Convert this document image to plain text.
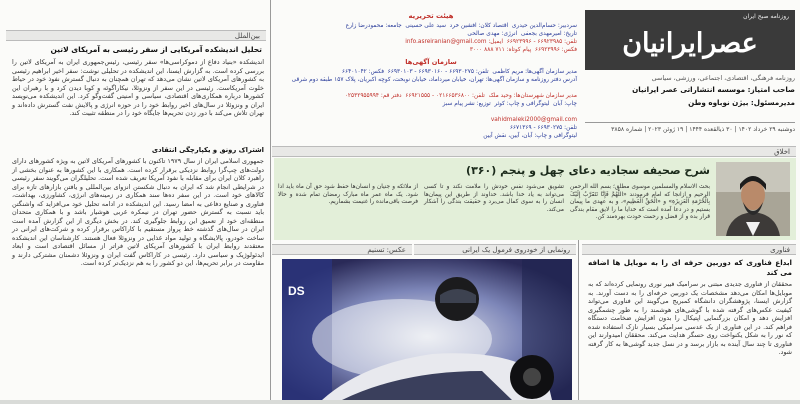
بین‌الملل
تحلیل اندیشکده آمریکایی از سفر رئیسی به آمریکای لاتین
اندیشکده «بنیاد دفاع از دموکراسی‌ها» سفر رئیسی، رئیس‌جمهوری ایران به آمریکای لاتین را بررسی کرده است. به گزارش ایسنا، این اندیشکده در تحلیلی نوشت: سفر اخیر ابراهیم رئیسی به کشورهای آمریکای لاتین نشان می‌دهد که تهران همچنان به دنبال گسترش نفوذ خود در حیاط خلوت آمریکاست. رئیسی در این سفر از ونزوئلا، نیکاراگوئه و کوبا دیدن کرد و با رهبران این کشورها درباره همکاری‌های اقتصادی، سیاسی و امنیتی گفت‌وگو کرد. این اندیشکده می‌نویسد ایران و ونزوئلا در سال‌های اخیر روابط خود را در حوزه انرژی و پالایش نفت گسترش داده‌اند و تهران تلاش می‌کند با دور زدن تحریم‌ها جایگاه خود را در منطقه تثبیت کند.
اشتراک رونق و یکپارچگی انتقادی
جمهوری اسلامی ایران از سال ۱۹۷۹ تاکنون با کشورهای آمریکای لاتین به ویژه کشورهای دارای دولت‌های چپ‌گرا روابط نزدیکی برقرار کرده است. همکاری با این کشورها به عنوان بخشی از راهبرد کلان ایران برای مقابله با نفوذ آمریکا تعریف شده است. تحلیلگران می‌گویند سفر رئیسی در شرایطی انجام شد که ایران به دنبال شکستن انزوای بین‌المللی و یافتن بازارهای تازه برای کالاهای خود است. در این سفر ده‌ها سند همکاری در زمینه‌های انرژی، کشاورزی، بهداشت، فناوری و صنایع دفاعی به امضا رسید. این اندیشکده در ادامه تحلیل خود می‌افزاید که واشنگتن باید نسبت به گسترش حضور تهران در نیمکره غربی هوشیار باشد و با همکاری متحدان منطقه‌ای خود از تعمیق این روابط جلوگیری کند. در بخش دیگری از این گزارش آمده است ایران در سال‌های گذشته خط پرواز مستقیم با کاراکاس برقرار کرده و شرکت‌های ایرانی در ساخت خودرو، پالایشگاه و تولید مواد غذایی در ونزوئلا فعال هستند. کارشناسان این اندیشکده معتقدند روابط ایران با کشورهای آمریکای لاتین فراتر از مسائل اقتصادی است و ابعاد ایدئولوژیک و سیاسی دارد. رئیسی در کاراکاس گفت ایران و ونزوئلا دشمنان مشترکی دارند و مقاومت در برابر تحریم‌ها، این دو کشور را به هم نزدیک‌تر کرده است.
روزنامه صبح ایران
عصرایرانیان
روزنامه فرهنگی، اقتصادی، اجتماعی، ورزشی، سیاسی
صاحب امتیاز: موسسه انتشاراتی عصر ایرانیان
مدیرمسئول: بیژن نوباوه وطن
دوشنبه ۲۹ خرداد ۱۴۰۲ | ۳۰ ذیالقعده ۱۴۴۴ | ۱۹ ژوئن ۲۰۲۳ | شماره ۳۸۵۸
هیئت تحریریه
سردبیر: حسام‌الدین حیدری  اقتصاد کلان: افشین خرد  سید علی حسینی  جامعه: محمودرضا زارع
تاریخ: امیرمهدی بجعفی  انرژی: مهدی صالحی
تلفن: ۶۶۹۲۳۹۸۵ - ۶۶۹۲۳۹۹۶  ایمیل: info.asreiranian@gmail.com
فکس: ۶۶۹۲۳۹۹۶  پیام کوتاه: ۷۱۱ ۸۸۸ ۳۰۰۰
سازمان آگهی‌ها
مدیر سازمان آگهی‌ها: مریم کاظمی  تلفن: ۶۶۹۳۰۲۷۵ - ۶۶۹۳۰۱۶۰ - ۶۶۹۳۰۱۰۳  فکس: ۶۶۴۰۱۰۴۲
آدرس دفتر روزنامه و سازمان آگهی‌ها: تهران، خیابان میرداماد، خیابان نوبخت، کوچه اکبریان، پلاک ۱۵۷ طبقه دوم شرقی
مدیر سازمان شهرستان‌ها: وحید ملک  تلفن: ۰۲۱۶۶۵۳۶۸۰۰ - ۶۶۹۲۱۵۵۵  دفتر قم: ۰۲۵۳۲۹۵۵۹۹۴
چاپ: آبان  لیتوگرافی و چاپ: کوثر  توزیع: نشر پیام سبز
vahidmaleki2000@gmail.com
تلفن: ۶۶۹۳۰۲۷۵ - ۶۶۷۱۳۶۹
لیتوگرافی و چاپ: آبان، آیین، نقش آیین
اخلاق
شرح صحیفه سجادیه دعای چهل و پنجم (۳۶۰)
بحث الاسلام والمسلمین موسوی مطلق؛ بسم الله الرحمن الرحیم و ازانجا که امام فرمودند «اللَّهُمَّ فَإِنَّا نَتَقَرَّبُ إِلَیْکَ بِالْحُرْمَةِ الْعَزِیزَةِ» و «الْحَقِّ الْعَظِیمِ»، و به عهدی ما پیمان بستیم و در دعا آمده است که خدایا ما را لایق مقام بندگی قرار بده و از فضل و رحمت خودت بهره‌مند کن.
تشویق می‌شود نفس خودش را ملامت نکند و تا کسی می‌تواند به یاد خدا باشد. خداوند از طریق این پیمان‌ها انسان را به سوی کمال می‌برد و حقیقت بندگی را آشکار می‌کند.
از ملائکه و جنیان و انسان‌ها حفظ شود حق آن ماه باید ادا شود. یک ماه عمر ماه مبارک رمضان تمام شده و حالا فرصت باقی‌مانده را غنیمت بشماریم.
عکس: تسنیم	رونمایی از خودروی فرمول یک ایرانی
DS
فناوری
ابداع فناوری که دوربین حرفه ای را به موبایل ها اضافه می کند
محققان از فناوری جدیدی مبتنی بر سرامیک فیبر نوری رونمایی کرده‌اند که به موبایل‌ها امکان می‌دهد مشخصات یک دوربین حرفه‌ای را به دست آورند. به گزارش ایسنا، پژوهشگران دانشگاه کمبریج می‌گویند این فناوری می‌تواند کیفیت عکس‌های گرفته شده با گوشی‌های هوشمند را به طور چشمگیری افزایش دهد و امکان بزرگنمایی اپتیکال را بدون افزایش ضخامت دستگاه فراهم کند. در این فناوری از یک عدسی سرامیکی بسیار نازک استفاده شده که نور را به شکل یکنواخت روی حسگر هدایت می‌کند. محققان امیدوارند این فناوری تا چند سال آینده به بازار برسد و در نسل جدید گوشی‌ها به کار گرفته شود.
